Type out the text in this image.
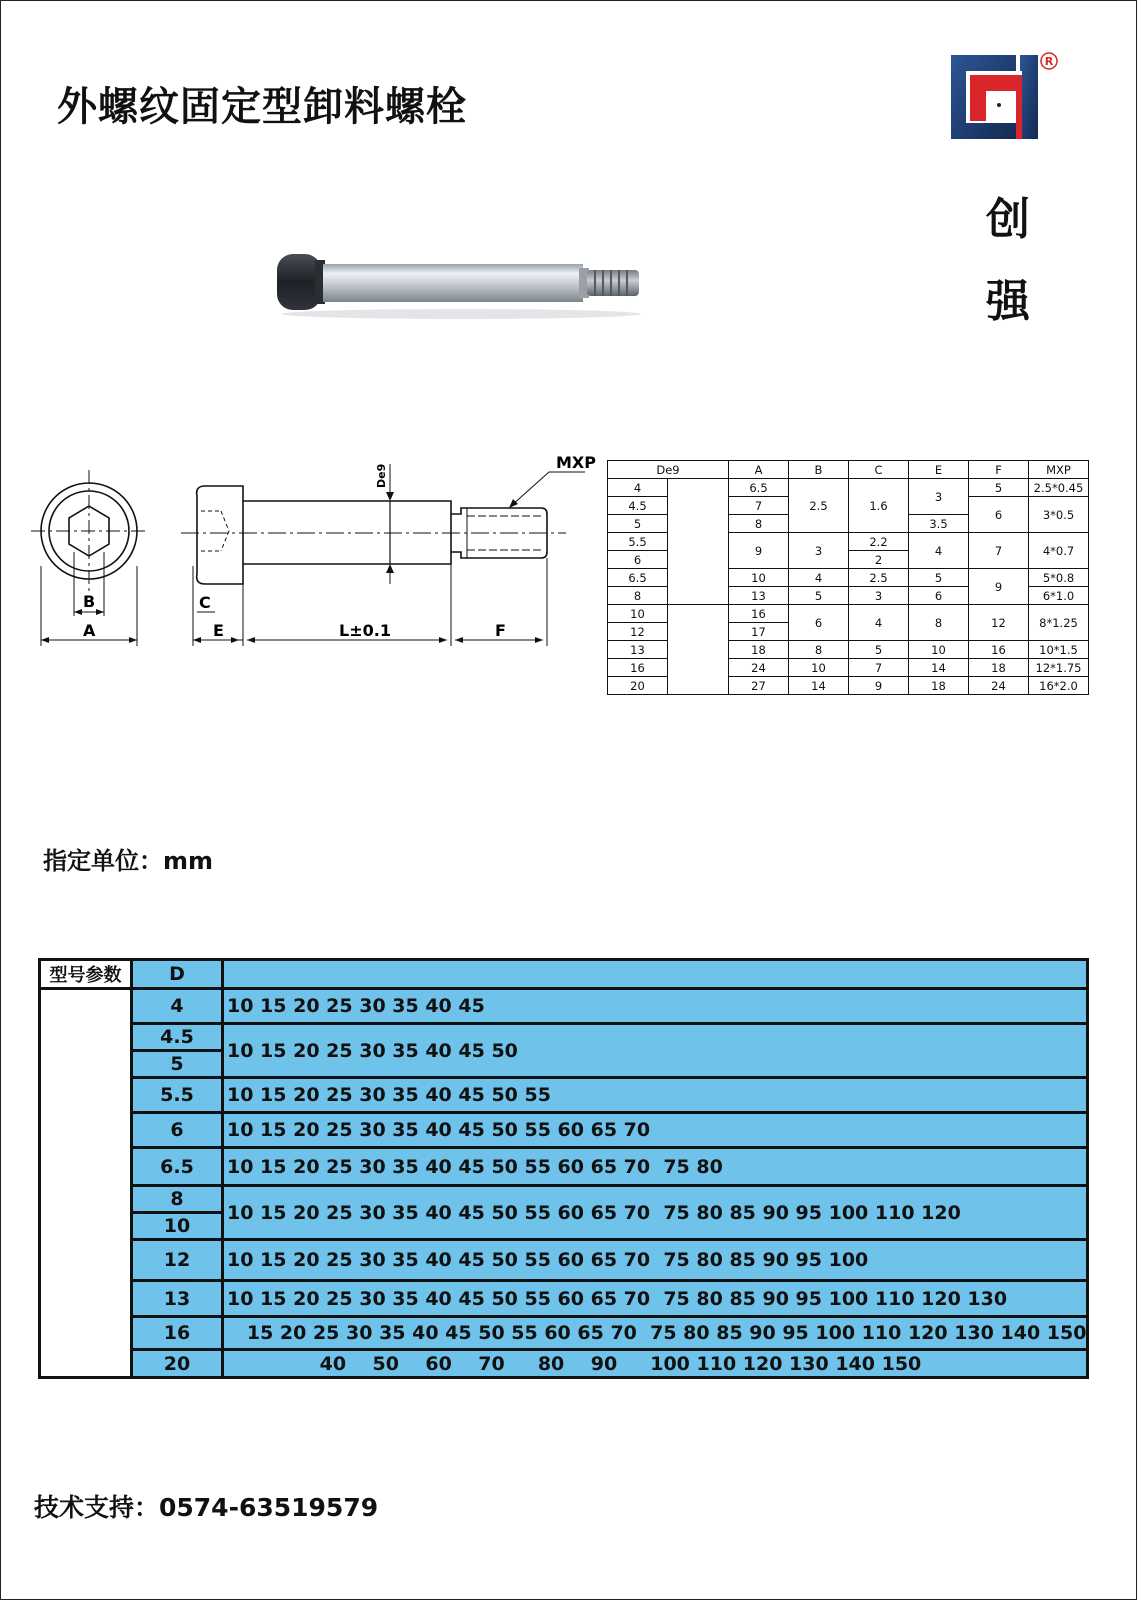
外螺纹固定型卸料螺栓
R
创
强
De9
MXP
A
B	C
E	L±0.1	F
De9		A	B	C	E	F	MXP
4		6.5	2.5	1.6	3	5	2.5*0.45
4.5		7				6	3*0.5
5		8			3.5		
5.5		9	3	2.2	4	7	4*0.7
6				2			
6.5		10	4	2.5	5	9	5*0.8
8		13	5	3	6		6*1.0
10		16	6	4	8	12	8*1.25
12		17					
13		18	8	5	10	16	10*1.5
16		24	10	7	14	18	12*1.75
20		27	14	9	18	24	16*2.0
指定单位：mm
型号参数	D	
	4	10 15 20 25 30 35 40 45
	4.5	10 15 20 25 30 35 40 45 50
	5	
	5.5	10 15 20 25 30 35 40 45 50 55
	6	10 15 20 25 30 35 40 45 50 55 60 65 70
	6.5	10 15 20 25 30 35 40 45 50 55 60 65 70  75 80
	8	10 15 20 25 30 35 40 45 50 55 60 65 70  75 80 85 90 95 100 110 120
	10	
	12	10 15 20 25 30 35 40 45 50 55 60 65 70  75 80 85 90 95 100
	13	10 15 20 25 30 35 40 45 50 55 60 65 70  75 80 85 90 95 100 110 120 130
	16	15 20 25 30 35 40 45 50 55 60 65 70  75 80 85 90 95 100 110 120 130 140 150
	20	40    50    60    70     80    90     100 110 120 130 140 150
技术支持：0574-63519579
